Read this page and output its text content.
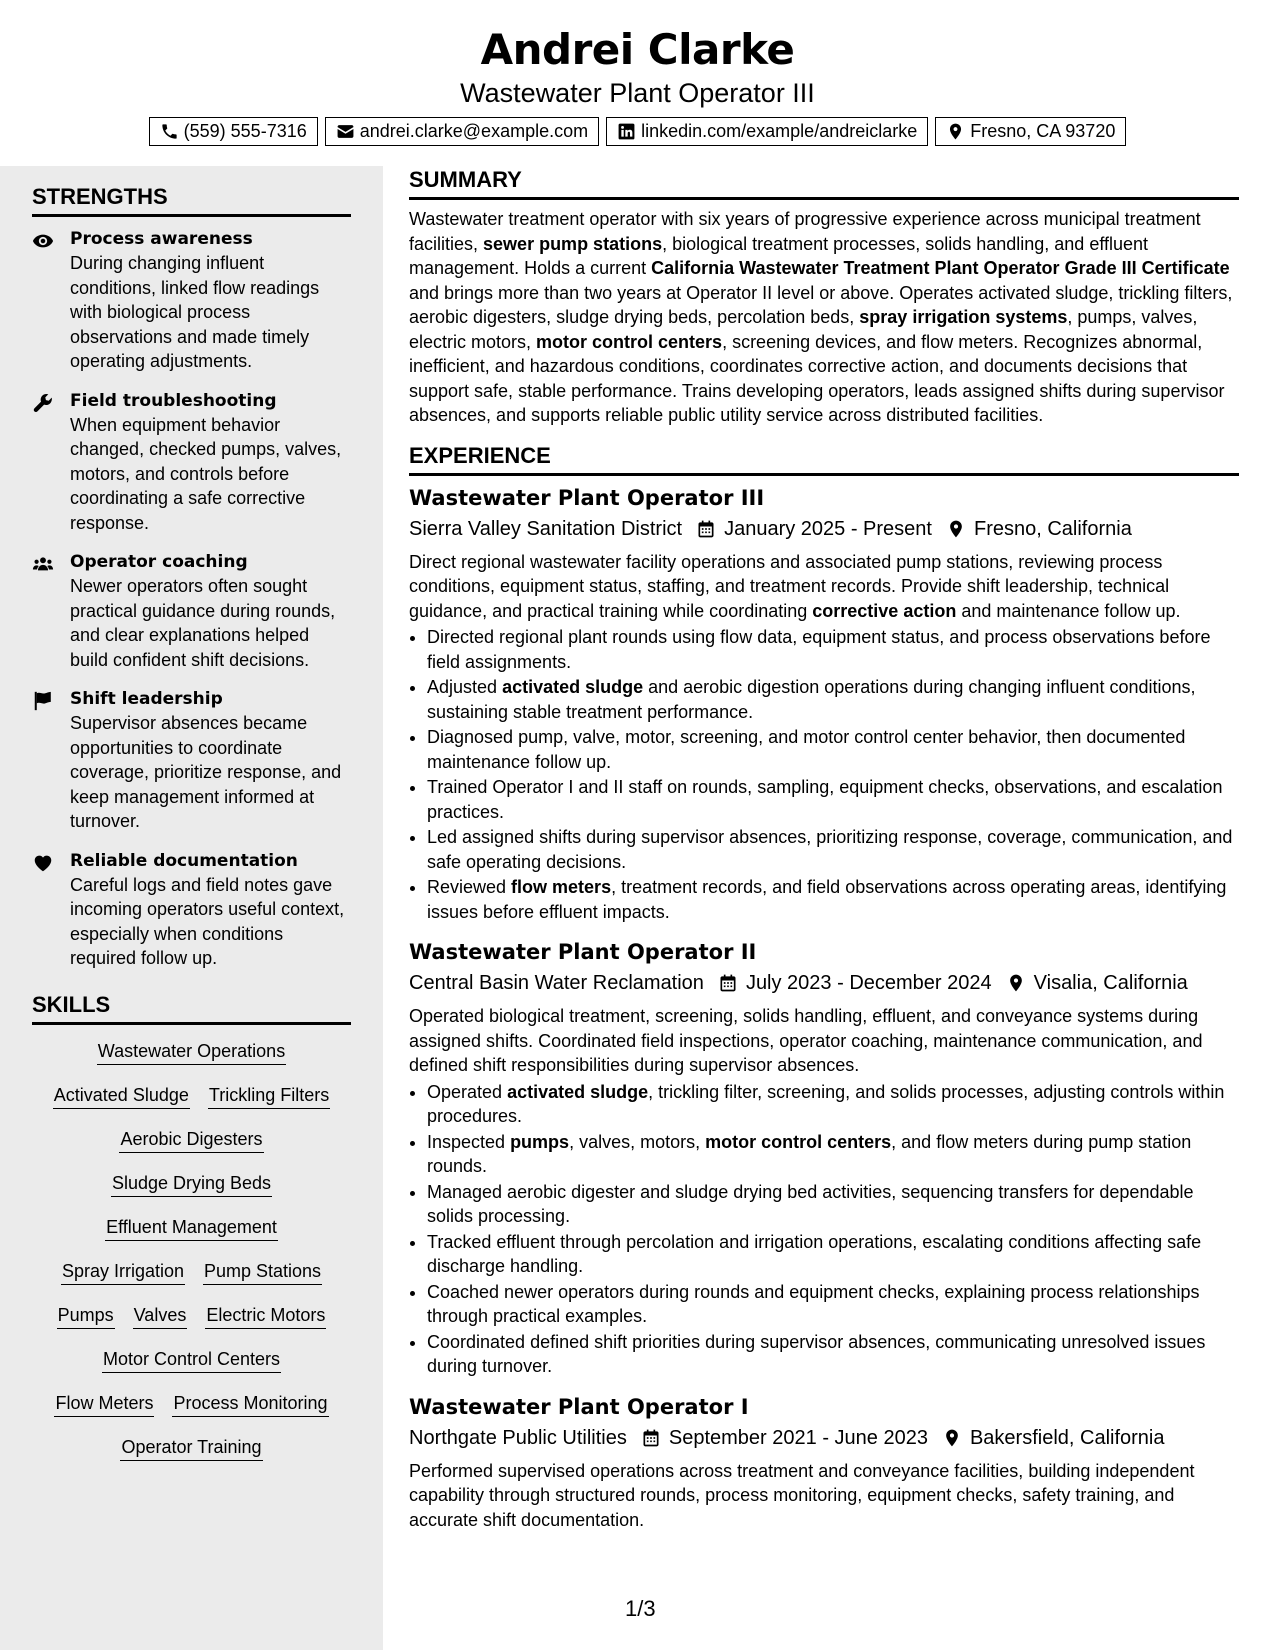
Andrei Clarke
Wastewater Plant Operator III
(559) 555-7316	andrei.clarke@example.com	linkedin.com/example/andreiclarke	Fresno, CA 93720
STRENGTHS
Process awareness
During changing influent conditions, linked flow readings with biological process observations and made timely operating adjustments.
Field troubleshooting
When equipment behavior changed, checked pumps, valves, motors, and controls before coordinating a safe corrective response.
Operator coaching
Newer operators often sought practical guidance during rounds, and clear explanations helped build confident shift decisions.
Shift leadership
Supervisor absences became opportunities to coordinate coverage, prioritize response, and keep management informed at turnover.
Reliable documentation
Careful logs and field notes gave incoming operators useful context, especially when conditions required follow up.
SKILLS
Wastewater Operations
Activated Sludge Trickling Filters
Aerobic Digesters
Sludge Drying Beds
Effluent Management
Spray Irrigation Pump Stations
Pumps Valves Electric Motors
Motor Control Centers
Flow Meters Process Monitoring
Operator Training
SUMMARY
Wastewater treatment operator with six years of progressive experience across municipal treatment facilities, sewer pump stations, biological treatment processes, solids handling, and effluent management. Holds a current California Wastewater Treatment Plant Operator Grade III Certificate and brings more than two years at Operator II level or above. Operates activated sludge, trickling filters, aerobic digesters, sludge drying beds, percolation beds, spray irrigation systems, pumps, valves, electric motors, motor control centers, screening devices, and flow meters. Recognizes abnormal, inefficient, and hazardous conditions, coordinates corrective action, and documents decisions that support safe, stable performance. Trains developing operators, leads assigned shifts during supervisor absences, and supports reliable public utility service across distributed facilities.
EXPERIENCE
Wastewater Plant Operator III
Sierra Valley Sanitation District January 2025 - Present Fresno, California
Direct regional wastewater facility operations and associated pump stations, reviewing process conditions, equipment status, staffing, and treatment records. Provide shift leadership, technical guidance, and practical training while coordinating corrective action and maintenance follow up.
• Directed regional plant rounds using flow data, equipment status, and process observations before field assignments.
• Adjusted activated sludge and aerobic digestion operations during changing influent conditions, sustaining stable treatment performance.
• Diagnosed pump, valve, motor, screening, and motor control center behavior, then documented maintenance follow up.
• Trained Operator I and II staff on rounds, sampling, equipment checks, observations, and escalation practices.
• Led assigned shifts during supervisor absences, prioritizing response, coverage, communication, and safe operating decisions.
• Reviewed flow meters, treatment records, and field observations across operating areas, identifying issues before effluent impacts.
Wastewater Plant Operator II
Central Basin Water Reclamation July 2023 - December 2024 Visalia, California
Operated biological treatment, screening, solids handling, effluent, and conveyance systems during assigned shifts. Coordinated field inspections, operator coaching, maintenance communication, and defined shift responsibilities during supervisor absences.
• Operated activated sludge, trickling filter, screening, and solids processes, adjusting controls within procedures.
• Inspected pumps, valves, motors, motor control centers, and flow meters during pump station rounds.
• Managed aerobic digester and sludge drying bed activities, sequencing transfers for dependable solids processing.
• Tracked effluent through percolation and irrigation operations, escalating conditions affecting safe discharge handling.
• Coached newer operators during rounds and equipment checks, explaining process relationships through practical examples.
• Coordinated defined shift priorities during supervisor absences, communicating unresolved issues during turnover.
Wastewater Plant Operator I
Northgate Public Utilities September 2021 - June 2023 Bakersfield, California
Performed supervised operations across treatment and conveyance facilities, building independent capability through structured rounds, process monitoring, equipment checks, safety training, and accurate shift documentation.
1/3
